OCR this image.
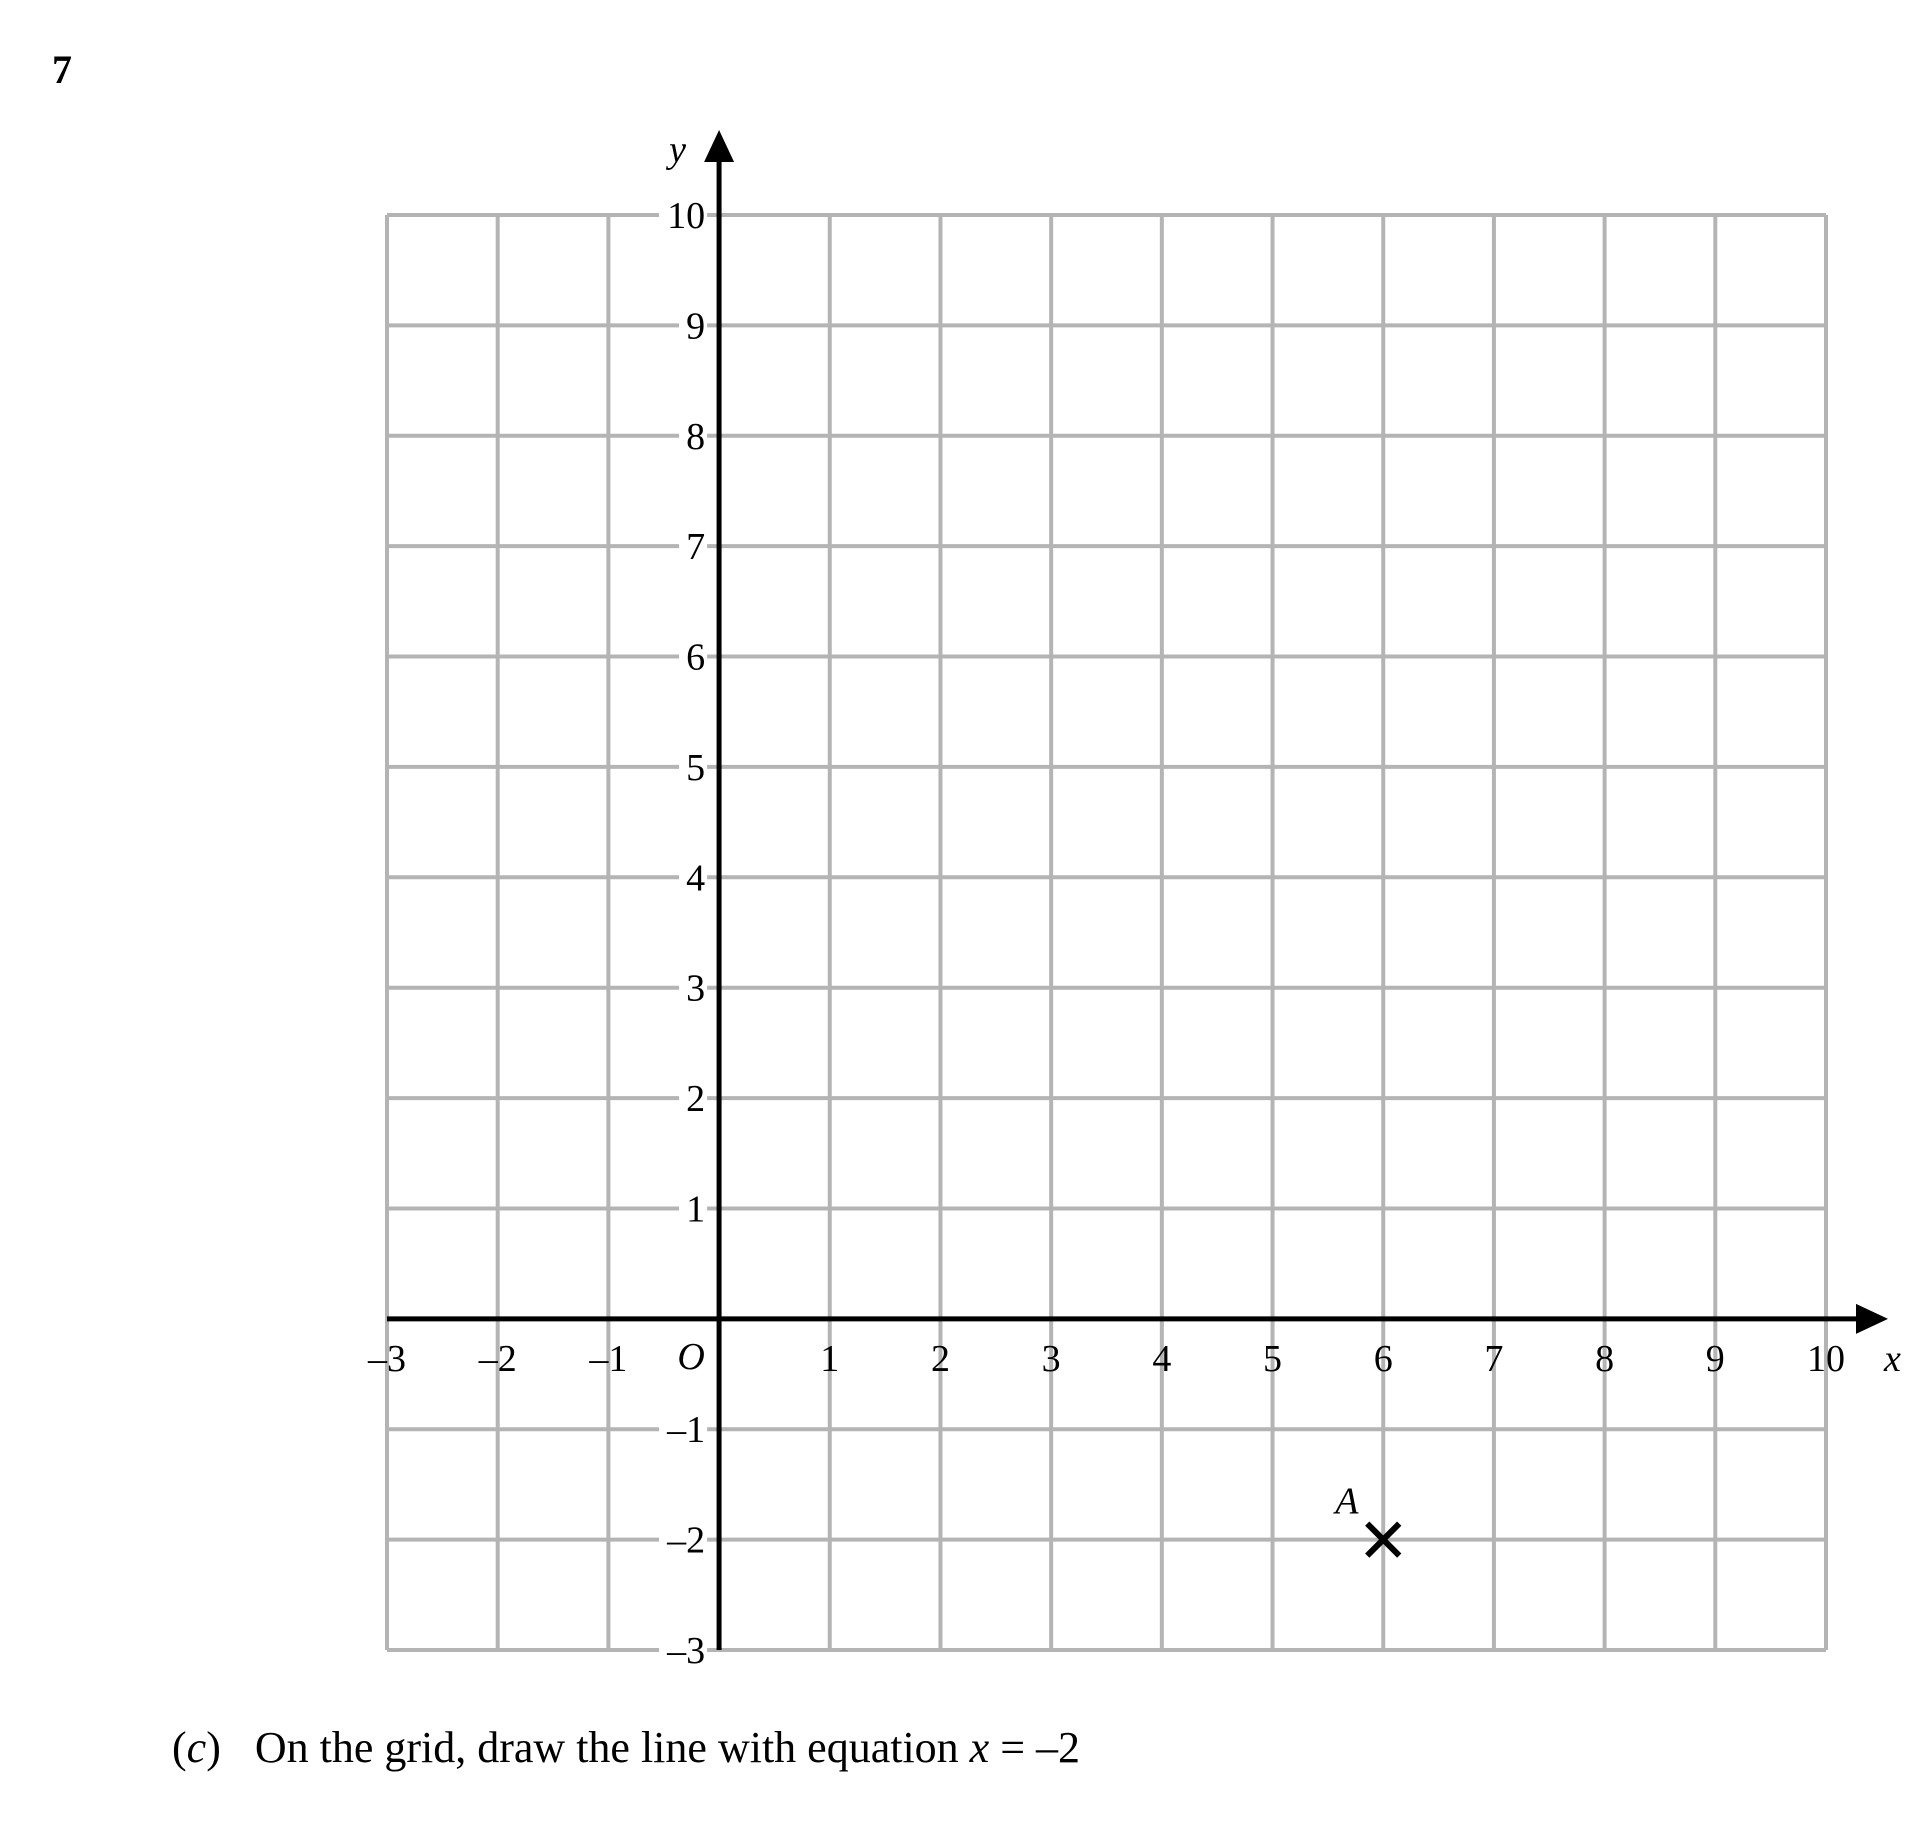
7
x
y
O
–3 –2 –1	1 2 3 4 5 6 7 8 9 10
10
9
8
7
6
5
4
3
2
1
–1
–2
–3
A
(c) On the grid, draw the line with equation x = –2
